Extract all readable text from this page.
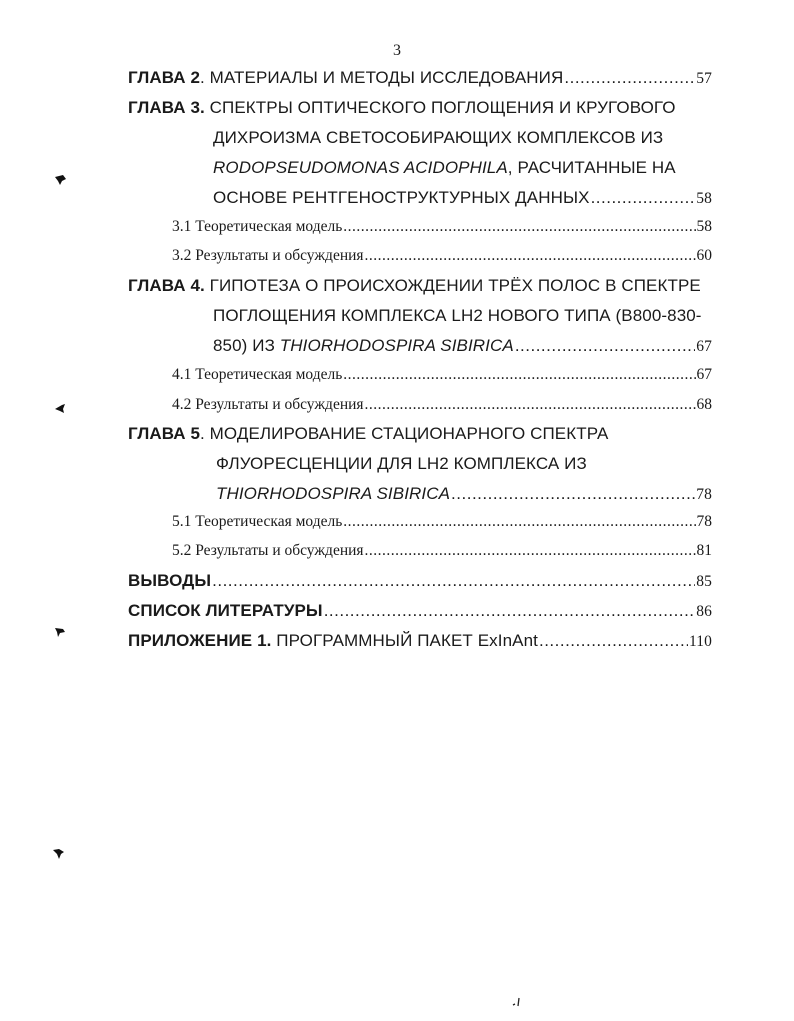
3
ГЛАВА 2. МАТЕРИАЛЫ И МЕТОДЫ ИССЛЕДОВАНИЯ .....	57
ГЛАВА 3. СПЕКТРЫ ОПТИЧЕСКОГО ПОГЛОЩЕНИЯ И КРУГОВОГО
ДИХРОИЗМА СВЕТОСОБИРАЮЩИХ КОМПЛЕКСОВ ИЗ
RODOPSEUDOMONAS ACIDOPHILA, РАСЧИТАННЫЕ НА
ОСНОВЕ РЕНТГЕНОСТРУКТУРНЫХ ДАННЫХ .....	58
3.1 Теоретическая модель .....	58
3.2 Результаты и обсуждения .....	60
ГЛАВА 4. ГИПОТЕЗА О ПРОИСХОЖДЕНИИ ТРЁХ ПОЛОС В СПЕКТРЕ
ПОГЛОЩЕНИЯ КОМПЛЕКСА LH2 НОВОГО ТИПА (B800-830-
850) ИЗ THIORHODOSPIRA SIBIRICA .....	67
4.1 Теоретическая модель .....	67
4.2 Результаты и обсуждения .....	68
ГЛАВА 5. МОДЕЛИРОВАНИЕ СТАЦИОНАРНОГО СПЕКТРА
ФЛУОРЕСЦЕНЦИИ ДЛЯ LH2 КОМПЛЕКСА ИЗ
THIORHODOSPIRA SIBIRICA .....	78
5.1 Теоретическая модель .....	78
5.2 Результаты и обсуждения .....	81
ВЫВОДЫ .....	85
СПИСОК ЛИТЕРАТУРЫ .....	86
ПРИЛОЖЕНИЕ 1. ПРОГРАММНЫЙ ПАКЕТ ExInAnt .....	110
